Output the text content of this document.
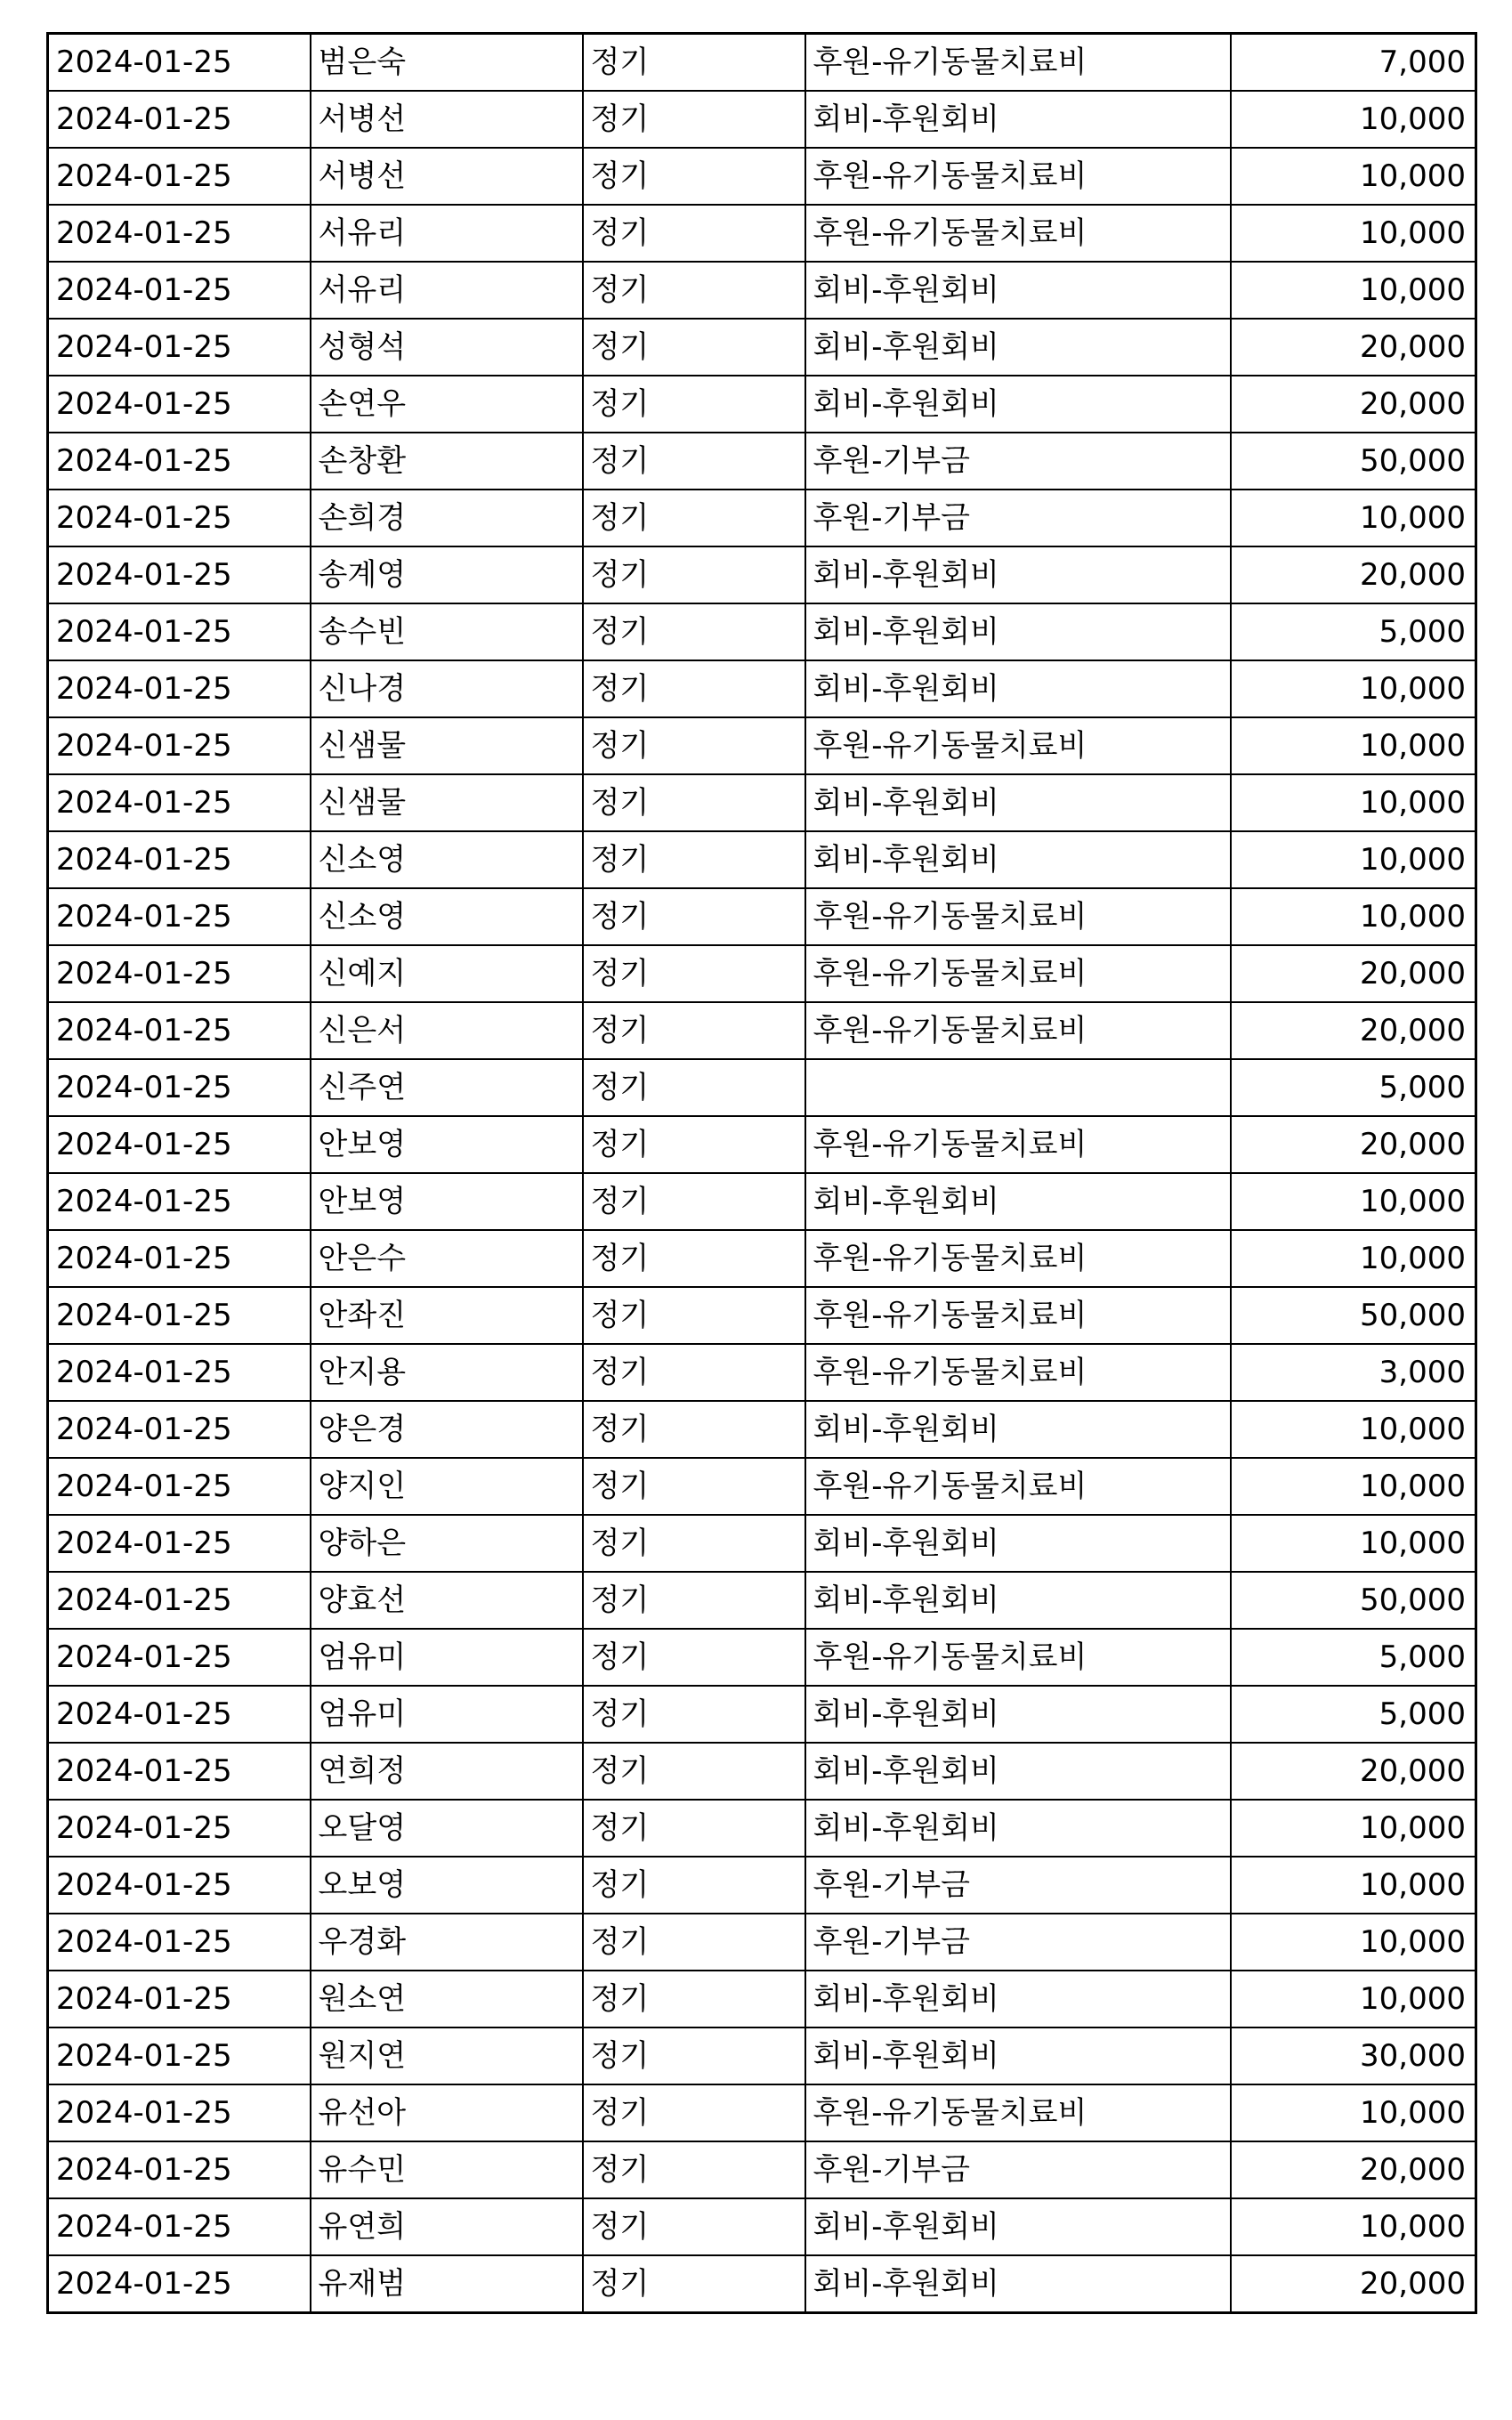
2024-01-25	범은숙	정기	후원-유기동물치료비	7,000
2024-01-25	서병선	정기	회비-후원회비	10,000
2024-01-25	서병선	정기	후원-유기동물치료비	10,000
2024-01-25	서유리	정기	후원-유기동물치료비	10,000
2024-01-25	서유리	정기	회비-후원회비	10,000
2024-01-25	성형석	정기	회비-후원회비	20,000
2024-01-25	손연우	정기	회비-후원회비	20,000
2024-01-25	손창환	정기	후원-기부금	50,000
2024-01-25	손희경	정기	후원-기부금	10,000
2024-01-25	송계영	정기	회비-후원회비	20,000
2024-01-25	송수빈	정기	회비-후원회비	5,000
2024-01-25	신나경	정기	회비-후원회비	10,000
2024-01-25	신샘물	정기	후원-유기동물치료비	10,000
2024-01-25	신샘물	정기	회비-후원회비	10,000
2024-01-25	신소영	정기	회비-후원회비	10,000
2024-01-25	신소영	정기	후원-유기동물치료비	10,000
2024-01-25	신예지	정기	후원-유기동물치료비	20,000
2024-01-25	신은서	정기	후원-유기동물치료비	20,000
2024-01-25	신주연	정기		5,000
2024-01-25	안보영	정기	후원-유기동물치료비	20,000
2024-01-25	안보영	정기	회비-후원회비	10,000
2024-01-25	안은수	정기	후원-유기동물치료비	10,000
2024-01-25	안좌진	정기	후원-유기동물치료비	50,000
2024-01-25	안지용	정기	후원-유기동물치료비	3,000
2024-01-25	양은경	정기	회비-후원회비	10,000
2024-01-25	양지인	정기	후원-유기동물치료비	10,000
2024-01-25	양하은	정기	회비-후원회비	10,000
2024-01-25	양효선	정기	회비-후원회비	50,000
2024-01-25	엄유미	정기	후원-유기동물치료비	5,000
2024-01-25	엄유미	정기	회비-후원회비	5,000
2024-01-25	연희정	정기	회비-후원회비	20,000
2024-01-25	오달영	정기	회비-후원회비	10,000
2024-01-25	오보영	정기	후원-기부금	10,000
2024-01-25	우경화	정기	후원-기부금	10,000
2024-01-25	원소연	정기	회비-후원회비	10,000
2024-01-25	원지연	정기	회비-후원회비	30,000
2024-01-25	유선아	정기	후원-유기동물치료비	10,000
2024-01-25	유수민	정기	후원-기부금	20,000
2024-01-25	유연희	정기	회비-후원회비	10,000
2024-01-25	유재범	정기	회비-후원회비	20,000
